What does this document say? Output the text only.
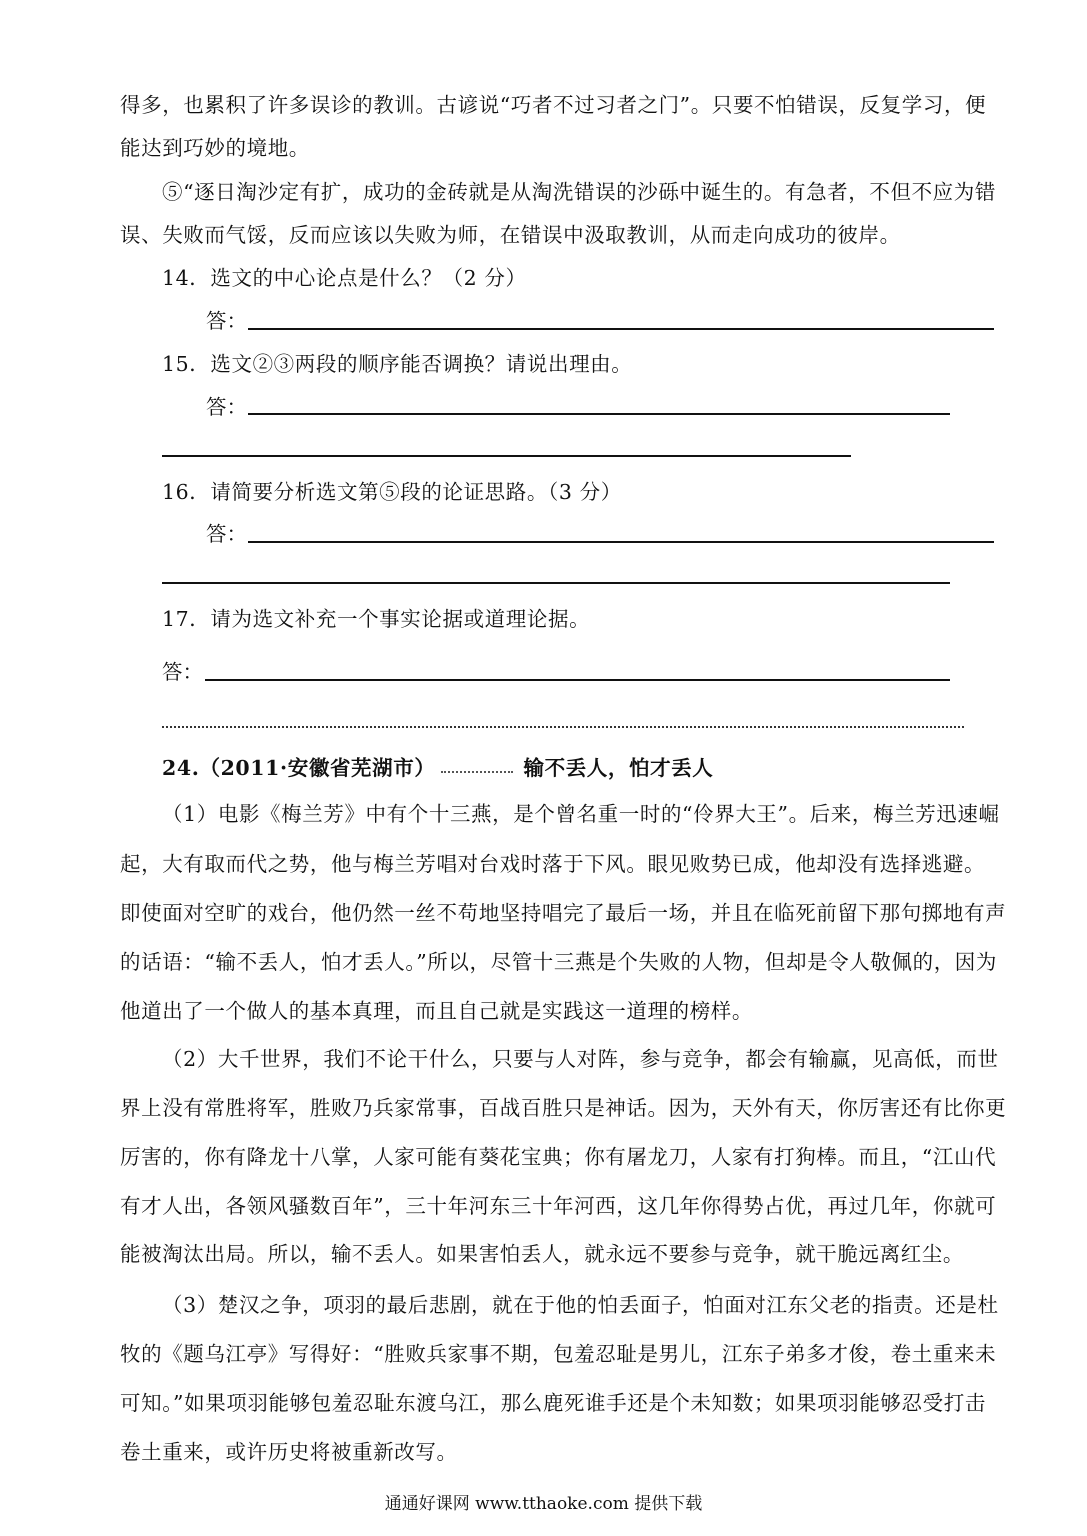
得多，也累积了许多误诊的教训。古谚说“巧者不过习者之门”。只要不怕错误，反复学习，便
能达到巧妙的境地。
⑤“逐日淘沙定有扩，成功的金砖就是从淘洗错误的沙砾中诞生的。有急者，不但不应为错
误、失败而气馁，反而应该以失败为师，在错误中汲取教训，从而走向成功的彼岸。
14．选文的中心论点是什么？（2 分）
答：
15．选文②③两段的顺序能否调换？请说出理由。
答：
16．请简要分析选文第⑤段的论证思路。（3 分）
答：
17．请为选文补充一个事实论据或道理论据。
答：
24.（2011·安徽省芜湖市）	输不丢人，怕才丢人
（1）电影《梅兰芳》中有个十三燕，是个曾名重一时的“伶界大王”。后来，梅兰芳迅速崛
起，大有取而代之势，他与梅兰芳唱对台戏时落于下风。眼见败势已成，他却没有选择逃避。
即使面对空旷的戏台，他仍然一丝不苟地坚持唱完了最后一场，并且在临死前留下那句掷地有声
的话语：“输不丢人，怕才丢人。”所以，尽管十三燕是个失败的人物，但却是令人敬佩的，因为
他道出了一个做人的基本真理，而且自己就是实践这一道理的榜样。
（2）大千世界，我们不论干什么，只要与人对阵，参与竞争，都会有输赢，见高低，而世
界上没有常胜将军，胜败乃兵家常事，百战百胜只是神话。因为，天外有天，你厉害还有比你更
厉害的，你有降龙十八掌，人家可能有葵花宝典；你有屠龙刀，人家有打狗棒。而且，“江山代
有才人出，各领风骚数百年”，三十年河东三十年河西，这几年你得势占优，再过几年，你就可
能被淘汰出局。所以，输不丢人。如果害怕丢人，就永远不要参与竞争，就干脆远离红尘。
（3）楚汉之争，项羽的最后悲剧，就在于他的怕丢面子，怕面对江东父老的指责。还是杜
牧的《题乌江亭》写得好：“胜败兵家事不期，包羞忍耻是男儿，江东子弟多才俊，卷土重来未
可知。”如果项羽能够包羞忍耻东渡乌江，那么鹿死谁手还是个未知数；如果项羽能够忍受打击
卷土重来，或许历史将被重新改写。
通通好课网 www.tthaoke.com 提供下载
